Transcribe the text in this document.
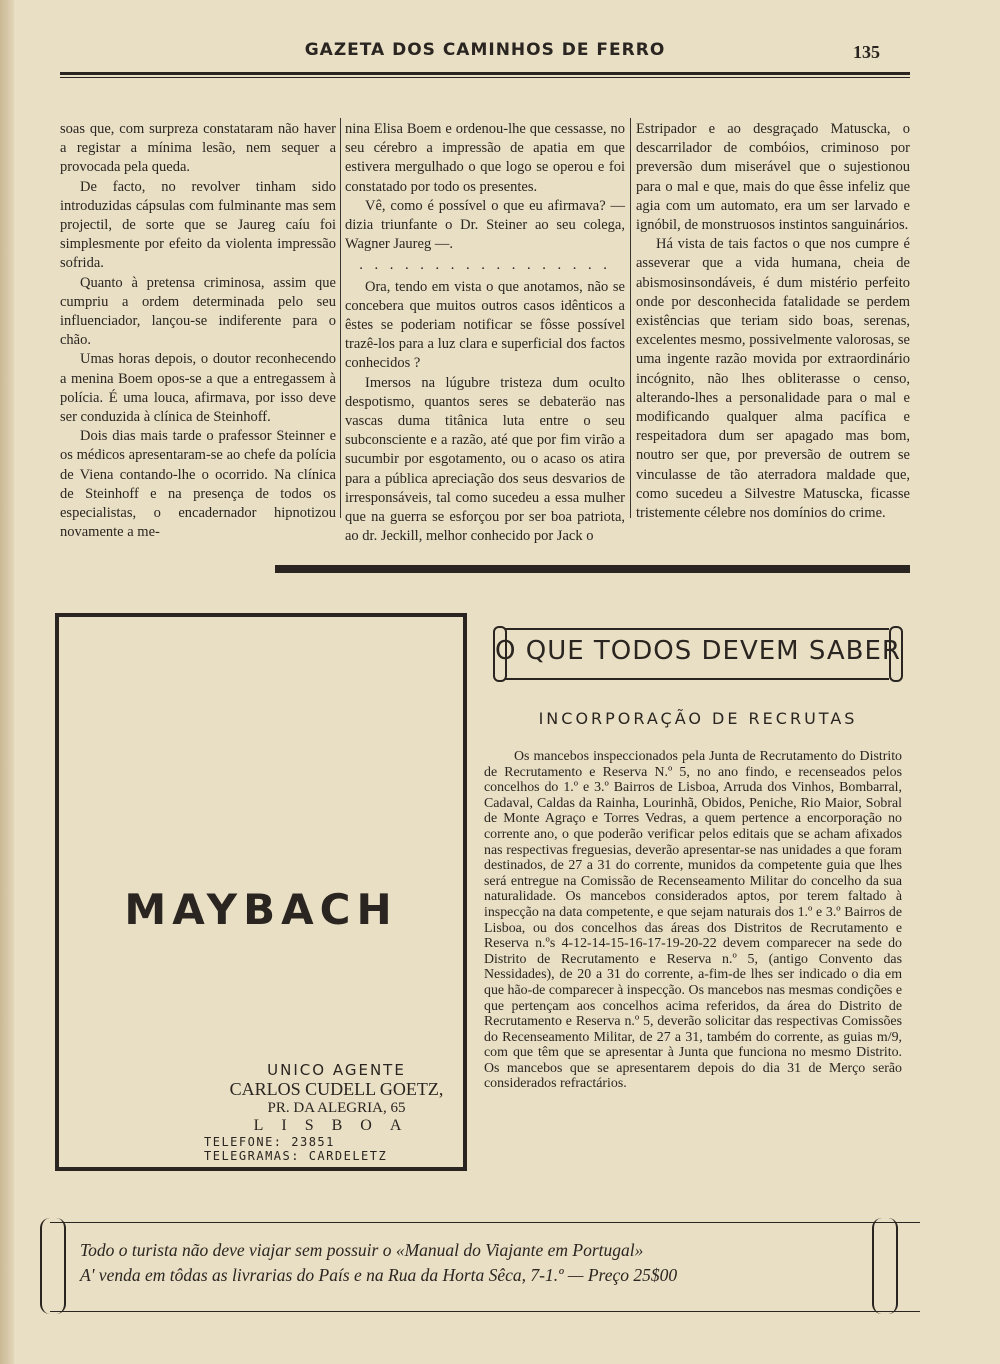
GAZETA DOS CAMINHOS DE FERRO	135

soas que, com surpreza constataram não haver a registar a mínima lesão, nem sequer a provocada pela queda.

De facto, no revolver tinham sido introduzidas cápsulas com fulminante mas sem projectil, de sorte que se Jaureg caíu foi simplesmente por efeito da violenta impressão sofrida.

Quanto à pretensa criminosa, assim que cumpriu a ordem determinada pelo seu influenciador, lançou-se indiferente para o chão.

Umas horas depois, o doutor reconhecendo a menina Boem opos-se a que a entregassem à polícia. É uma louca, afirmava, por isso deve ser conduzida à clínica de Steinhoff.

Dois dias mais tarde o prafessor Steinner e os médicos apresentaram-se ao chefe da polícia de Viena contando-lhe o ocorrido. Na clínica de Steinhoff e na presença de todos os especialistas, o encadernador hipnotizou novamente a me-

nina Elisa Boem e ordenou-lhe que cessasse, no seu cérebro a impressão de apatia em que estivera mergulhado o que logo se operou e foi constatado por todo os presentes.

Vê, como é possível o que eu afirmava? — dizia triunfante o Dr. Steiner ao seu colega, Wagner Jaureg —.

. . . . . . . . . . . . . . . . .

Ora, tendo em vista o que anotamos, não se concebera que muitos outros casos idênticos a êstes se poderiam notificar se fôsse possível trazê-los para a luz clara e superficial dos factos conhecidos ?

Imersos na lúgubre tristeza dum oculto despotismo, quantos seres se debateräo nas vascas duma titânica luta entre o seu subconsciente e a razão, até que por fim virão a sucumbir por esgotamento, ou o acaso os atira para a pública apreciação dos seus desvarios de irresponsáveis, tal como sucedeu a essa mulher que na guerra se esforçou por ser boa patriota, ao dr. Jeckill, melhor conhecido por Jack o

Estripador e ao desgraçado Matuscka, o descarrilador de combóios, criminoso por preversão dum miserável que o sujestionou para o mal e que, mais do que êsse infeliz que agia com um automato, era um ser larvado e ignóbil, de monstruosos instintos sanguinários.

Há vista de tais factos o que nos cumpre é asseverar que a vida humana, cheia de abismosinsondáveis, é dum mistério perfeito onde por desconhecida fatalidade se perdem existências que teriam sido boas, serenas, excelentes mesmo, possivelmente valorosas, se uma ingente razão movida por extraordinário incógnito, não lhes obliterasse o censo, alterando-lhes a personalidade para o mal e modificando qualquer alma pacífica e respeitadora dum ser apagado mas bom, noutro ser que, por preversão de outrem se vinculasse de tão aterradora maldade que, como sucedeu a Silvestre Matuscka, ficasse tristemente célebre nos domínios do crime.

MAYBACH
UNICO AGENTE
CARLOS CUDELL GOETZ,
PR. DA ALEGRIA, 65
LISBOA
TELEFONE: 23851
TELEGRAMAS: CARDELETZ
O QUE TODOS DEVEM SABER
INCORPORAÇÃO DE RECRUTAS

Os mancebos inspeccionados pela Junta de Recrutamento do Distrito de Recrutamento e Reserva N.º 5, no ano findo, e recenseados pelos concelhos do 1.º e 3.º Bairros de Lisboa, Arruda dos Vinhos, Bombarral, Cadaval, Caldas da Rainha, Lourinhã, Obidos, Peniche, Rio Maior, Sobral de Monte Agraço e Torres Vedras, a quem pertence a encorporação no corrente ano, o que poderão verificar pelos editais que se acham afixados nas respectivas freguesias, deverão apresentar-se nas unidades a que foram destinados, de 27 a 31 do corrente, munidos da competente guia que lhes será entregue na Comissão de Recenseamento Militar do concelho da sua naturalidade. Os mancebos considerados aptos, por terem faltado à inspecção na data competente, e que sejam naturais dos 1.º e 3.º Bairros de Lisboa, ou dos concelhos das áreas dos Distritos de Recrutamento e Reserva n.ºs 4-12-14-15-16-17-19-20-22 devem comparecer na sede do Distrito de Recrutamento e Reserva n.º 5, (antigo Convento das Nessidades), de 20 a 31 do corrente, a-fim-de lhes ser indicado o dia em que hão-de comparecer à inspecção. Os mancebos nas mesmas condições e que pertençam aos concelhos acima referidos, da área do Distrito de Recrutamento e Reserva n.º 5, deverão solicitar das respectivas Comissões do Recenseamento Militar, de 27 a 31, também do corrente, as guias m/9, com que têm que se apresentar à Junta que funciona no mesmo Distrito. Os mancebos que se apresentarem depois do dia 31 de Merço serão considerados refractários.

Todo o turista não deve viajar sem possuir o «Manual do Viajante em Portugal»
A' venda em tôdas as livrarias do País e na Rua da Horta Sêca, 7-1.º — Preço 25$00
